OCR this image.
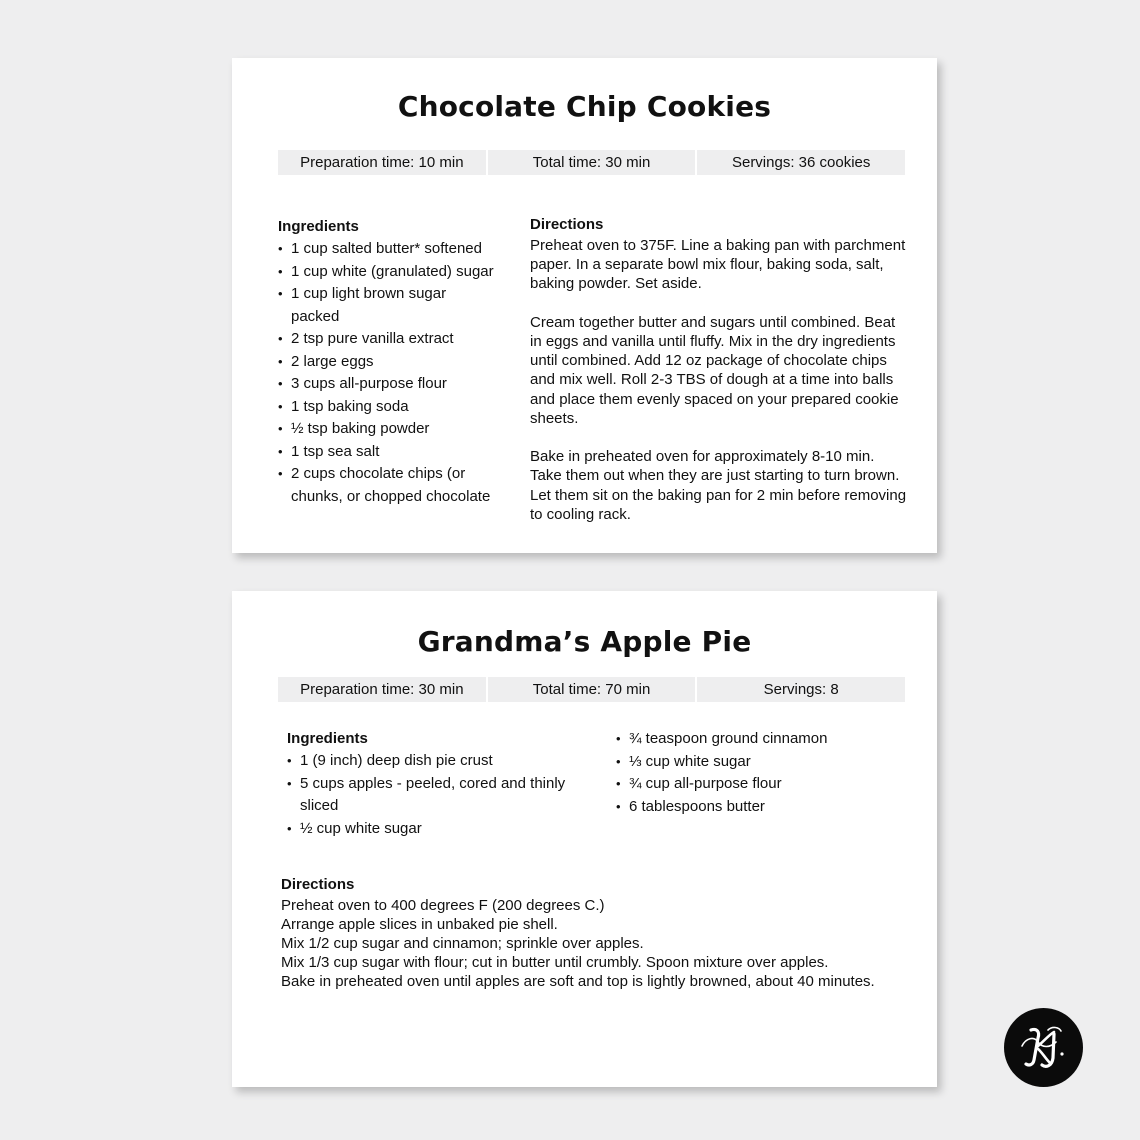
Chocolate Chip Cookies
Preparation time: 10 min	Total time: 30 min	Servings: 36 cookies
Ingredients
• 1 cup salted butter* softened
• 1 cup white (granulated) sugar
• 1 cup light brown sugar packed
• 2 tsp pure vanilla extract
• 2 large eggs
• 3 cups all-purpose flour
• 1 tsp baking soda
• ½ tsp baking powder
• 1 tsp sea salt
• 2 cups chocolate chips (or chunks, or chopped chocolate
Directions

Preheat oven to 375F. Line a baking pan with parchment paper. In a separate bowl mix flour, baking soda, salt, baking powder. Set aside.

Cream together butter and sugars until combined. Beat in eggs and vanilla until fluffy. Mix in the dry ingredients until combined. Add 12 oz package of chocolate chips and mix well. Roll 2-3 TBS of dough at a time into balls and place them evenly spaced on your prepared cookie sheets.

Bake in preheated oven for approximately 8-10 min. Take them out when they are just starting to turn brown. Let them sit on the baking pan for 2 min before removing to cooling rack.

Grandma’s Apple Pie
Preparation time: 30 min	Total time: 70 min	Servings: 8
Ingredients
• 1 (9 inch) deep dish pie crust
• 5 cups apples - peeled, cored and thinly sliced
• ½ cup white sugar
• ¾ teaspoon ground cinnamon
• ⅓ cup white sugar
• ¾ cup all-purpose flour
• 6 tablespoons butter
Directions
Preheat oven to 400 degrees F (200 degrees C.)
Arrange apple slices in unbaked pie shell.
Mix 1/2 cup sugar and cinnamon; sprinkle over apples.
Mix 1/3 cup sugar with flour; cut in butter until crumbly. Spoon mixture over apples.
Bake in preheated oven until apples are soft and top is lightly browned, about 40 minutes.
